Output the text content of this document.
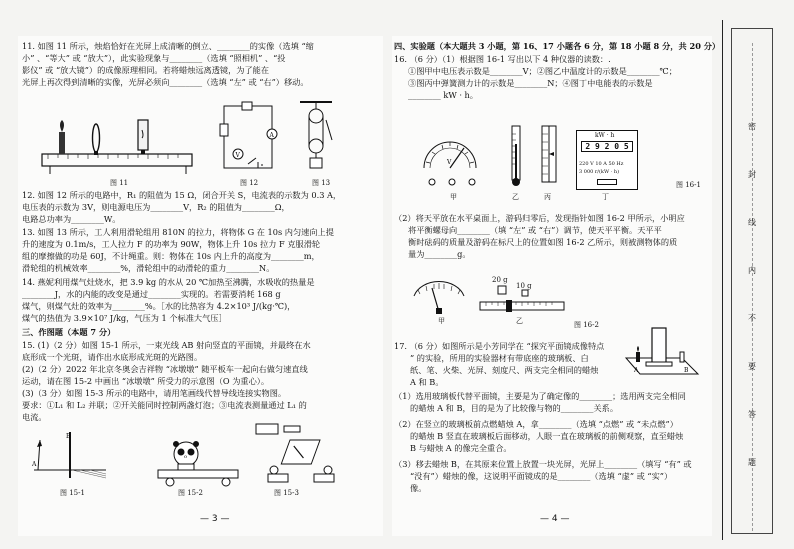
11. 如图 11 所示，烛焰恰好在光屏上成清晰的倒立、________的实像（选填 “缩
小” 、“等大” 或 “放大”），此实验现象与________（选填 “照相机” 、“投
影仪” 或 “放大镜”）的成像原理相同。若将蜡烛远离透镜，为了能在
光屏上再次得到清晰的实像，光屏必须向________（选填 “左” 或 “右”）移动。
图 11
A
V
图 12	图 13
12. 如图 12 所示的电路中，R₁ 的阻值为 15 Ω，闭合开关 S，电流表的示数为 0.3 A，
电压表的示数为 3V，则电源电压为________V，R₂ 的阻值为________Ω，
电路总功率为________W。
13. 如图 13 所示，工人利用滑轮组用 810N 的拉力，将物体 G 在 10s 内匀速向上提
升的速度为 0.1m/s，工人拉力 F 的功率为 90W，物体上升 10s 拉力 F 克服滑轮
组的摩擦做的功是 60J，不计绳重。则：物体在 10s 内上升的高度为________m，
滑轮组的机械效率________%，滑轮组中的动滑轮的重力________N。
14. 燕妮利用煤气灶烧水，把 3.9 kg 的水从 20 ℃加热至沸腾，水吸收的热量是
________J，水的内能的改变是通过________实现的。若需要消耗 168 g
煤气，则煤气灶的效率为________%。［水的比热容为 4.2×10³ J/(kg·℃)，
煤气的热值为 3.9×10⁷ J/kg，气压为 1 个标准大气压］
三、作图题（本题 7 分）
15. (1)（2 分）如图 15-1 所示，一束光线 AB 射向竖直的平面镜，并最终在水
底形成一个光斑，请作出水底形成光斑的光路图。
(2)（2 分）2022 年北京冬奥会吉祥物 “冰墩墩” 随平板车一起向右做匀速直线
运动，请在图 15-2 中画出 “冰墩墩” 所受力的示意图（O 为重心）。
(3)（3 分）如图 15-3 所示的电路中，请用笔画线代替导线连接实物图。
要求：①L₁ 和 L₂ 并联；②开关能同时控制两盏灯泡；③电流表测量通过 L₁ 的
电流。
A
B
图 15-1
o
图 15-2	图 15-3
— 3 —
四、实验题（本大题共 3 小题，第 16、17 小题各 6 分，第 18 小题 8 分，共 20 分）
16. （6 分）（1）根据图 16-1 写出以下 4 种仪器的读数：.
①图甲中电压表示数是________V；②图乙中温度计的示数是________℃；
③图丙中弹簧测力计的示数是________N；④图丁中电能表的示数是
________ kW · h。
V
kW · h
2 9 2 0 5
220 V 10 A 50 Hz
3 000 r/(kW · h)
甲	乙	丙	丁
图 16-1
（2）将天平放在水平桌面上，游码归零后，发现指针如图 16-2 甲所示，小明应
将平衡螺母向________（填 “左” 或 “右”）调节，使天平平衡。天平平
衡时砝码的质量及游码在标尺上的位置如图 16-2 乙所示，则被测物体的质
量为________g。
20 g
10 g
甲	乙	图 16-2
17. （6 分）如图所示是小芳同学在 “探究平面镜成像特点
” 的实验，所用的实验器材有带底座的玻璃板、白
纸、笔、火柴、光屏、刻度尺、两支完全相同的蜡烛
A 和 B。
A	B
（1）选用玻璃板代替平面镜，主要是为了确定像的________；选用两支完全相同
的蜡烛 A 和 B，目的是为了比较像与物的________关系。
（2）在竖立的玻璃板前点燃蜡烛 A，拿________（选填 “点燃” 或 “未点燃”）
的蜡烛 B 竖直在玻璃板后面移动，人眼一直在玻璃板的前侧观察，直至蜡烛
B 与蜡烛 A 的像完全重合。
（3）移去蜡烛 B，在其原来位置上放置一块光屏，光屏上________（填写 “有” 或
“没有”）蜡烛的像，这说明平面镜成的是________（选填 “虚” 或 “实”）
像。
— 4 —
密
封
线
内
不
要
答
题
